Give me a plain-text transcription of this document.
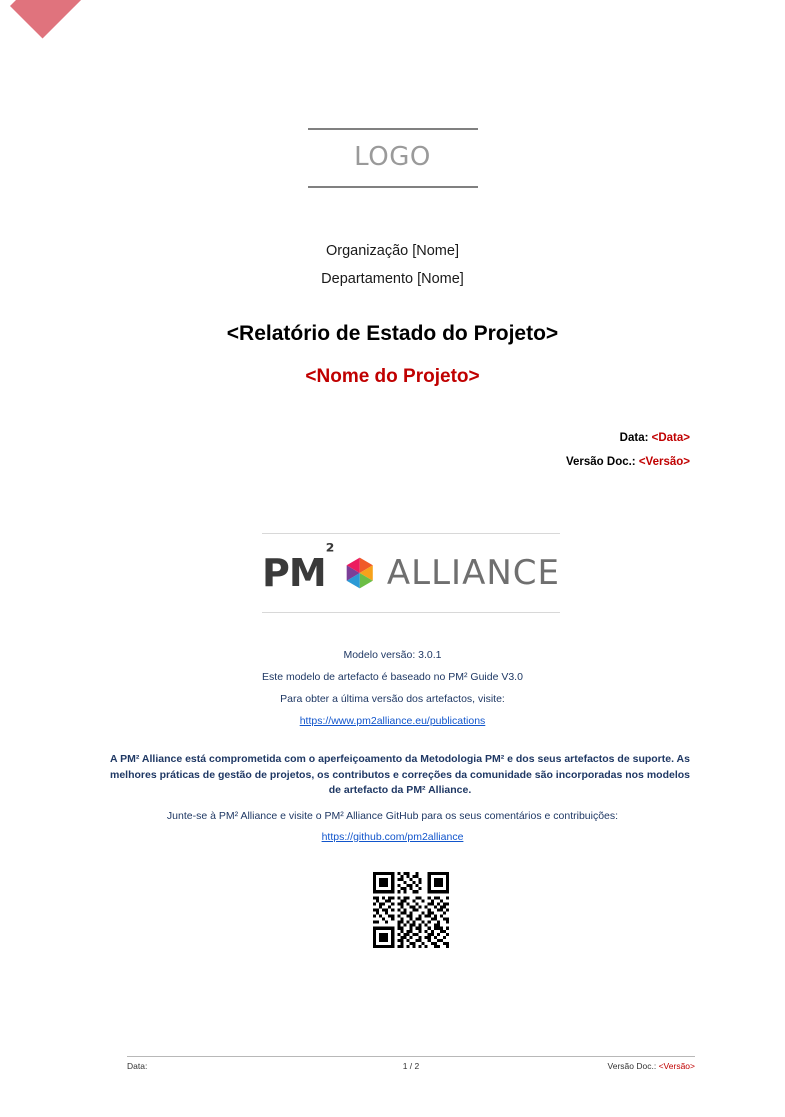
LOGO
Organização [Nome]
Departamento [Nome]
<Relatório de Estado do Projeto>
<Nome do Projeto>
Data: <Data>
Versão Doc.: <Versão>
$PM^{^2}$
ALLIANCE
Modelo versão: 3.0.1
Este modelo de artefacto é baseado no PM² Guide V3.0
Para obter a última versão dos artefactos, visite:
https://www.pm2alliance.eu/publications
A PM² Alliance está comprometida com o aperfeiçoamento da Metodologia PM² e dos seus artefactos de suporte. As melhores práticas de gestão de projetos, os contributos e correções da comunidade são incorporadas nos modelos de artefacto da PM² Alliance.
Junte-se à PM² Alliance e visite o PM² Alliance GitHub para os seus comentários e contribuições:
https://github.com/pm2alliance
Data:	1 / 2	Versão Doc.: <Versão>
